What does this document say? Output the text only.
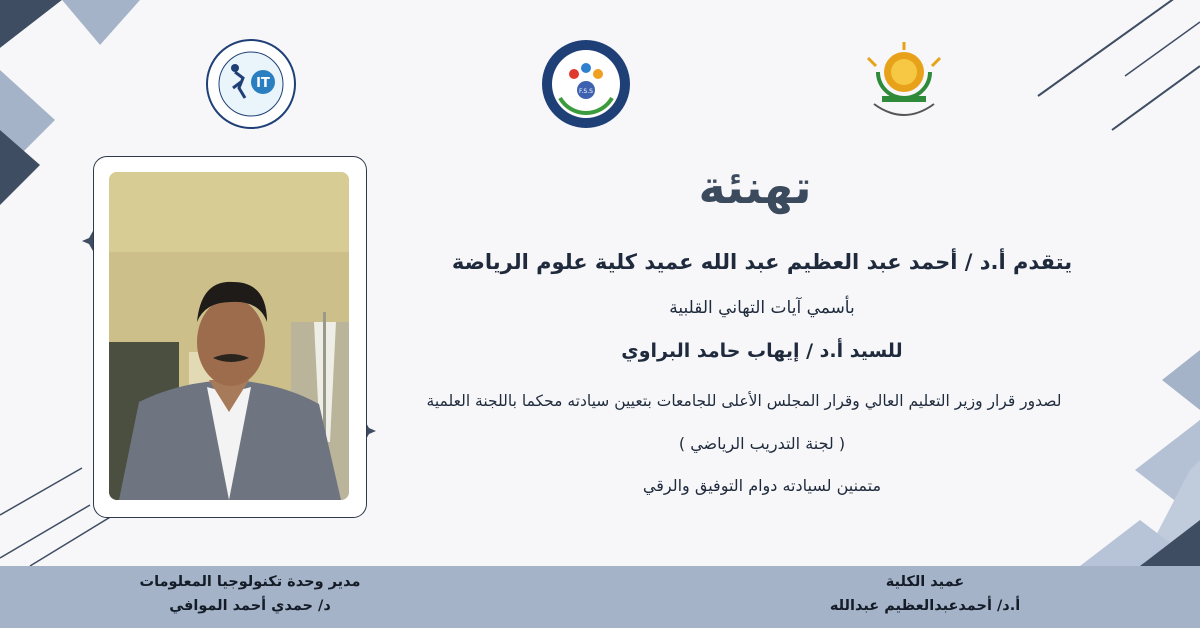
IT
F.S.S
تهنئة
يتقدم أ.د / أحمد عبد العظيم عبد الله عميد كلية علوم الرياضة
بأسمي آيات التهاني القلبية
للسيد أ.د / إيهاب حامد البراوي
لصدور قرار وزير التعليم العالي وقرار المجلس الأعلى للجامعات بتعيين سيادته محكما باللجنة العلمية
( لجنة التدريب الرياضي )
متمنين لسيادته دوام التوفيق والرقي
مدير وحدة تكنولوجيا المعلومات
د/ حمدي أحمد الموافي
عميد الكلية
أ.د/ أحمدعبدالعظيم عبدالله
